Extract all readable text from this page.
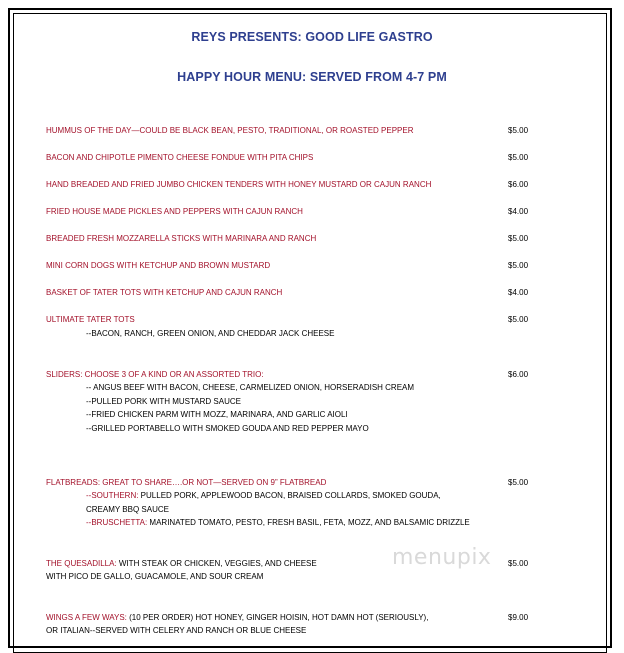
REYS PRESENTS: GOOD LIFE GASTRO
HAPPY HOUR MENU: SERVED FROM 4-7 PM
HUMMUS OF THE DAY—COULD BE BLACK BEAN, PESTO, TRADITIONAL, OR ROASTED PEPPER	$5.00
BACON AND CHIPOTLE PIMENTO CHEESE FONDUE WITH PITA CHIPS	$5.00
HAND BREADED AND FRIED JUMBO CHICKEN TENDERS WITH HONEY MUSTARD OR CAJUN RANCH	$6.00
FRIED HOUSE MADE PICKLES AND PEPPERS WITH CAJUN RANCH	$4.00
BREADED FRESH MOZZARELLA STICKS WITH MARINARA AND RANCH	$5.00
MINI CORN DOGS WITH KETCHUP AND BROWN MUSTARD	$5.00
BASKET OF TATER TOTS WITH KETCHUP AND CAJUN RANCH	$4.00
ULTIMATE TATER TOTS	$5.00
--BACON, RANCH, GREEN ONION, AND CHEDDAR JACK CHEESE
SLIDERS: CHOOSE 3 OF A KIND OR AN ASSORTED TRIO:	$6.00
-- ANGUS BEEF WITH BACON, CHEESE, CARMELIZED ONION, HORSERADISH CREAM
--PULLED PORK WITH MUSTARD SAUCE
--FRIED CHICKEN PARM WITH MOZZ, MARINARA, AND GARLIC AIOLI
--GRILLED PORTABELLO WITH SMOKED GOUDA AND RED PEPPER MAYO
FLATBREADS: GREAT TO SHARE….OR NOT—SERVED ON 9” FLATBREAD	$5.00
--SOUTHERN: PULLED PORK, APPLEWOOD BACON, BRAISED COLLARDS, SMOKED GOUDA,
CREAMY BBQ SAUCE
--BRUSCHETTA: MARINATED TOMATO, PESTO, FRESH BASIL, FETA, MOZZ, AND BALSAMIC DRIZZLE
THE QUESADILLA: WITH STEAK OR CHICKEN, VEGGIES, AND CHEESE	$5.00
WITH PICO DE GALLO, GUACAMOLE, AND SOUR CREAM
WINGS A FEW WAYS: (10 PER ORDER) HOT HONEY, GINGER HOISIN, HOT DAMN HOT (SERIOUSLY),	$9.00
OR ITALIAN--SERVED WITH CELERY AND RANCH OR BLUE CHEESE
menupix
